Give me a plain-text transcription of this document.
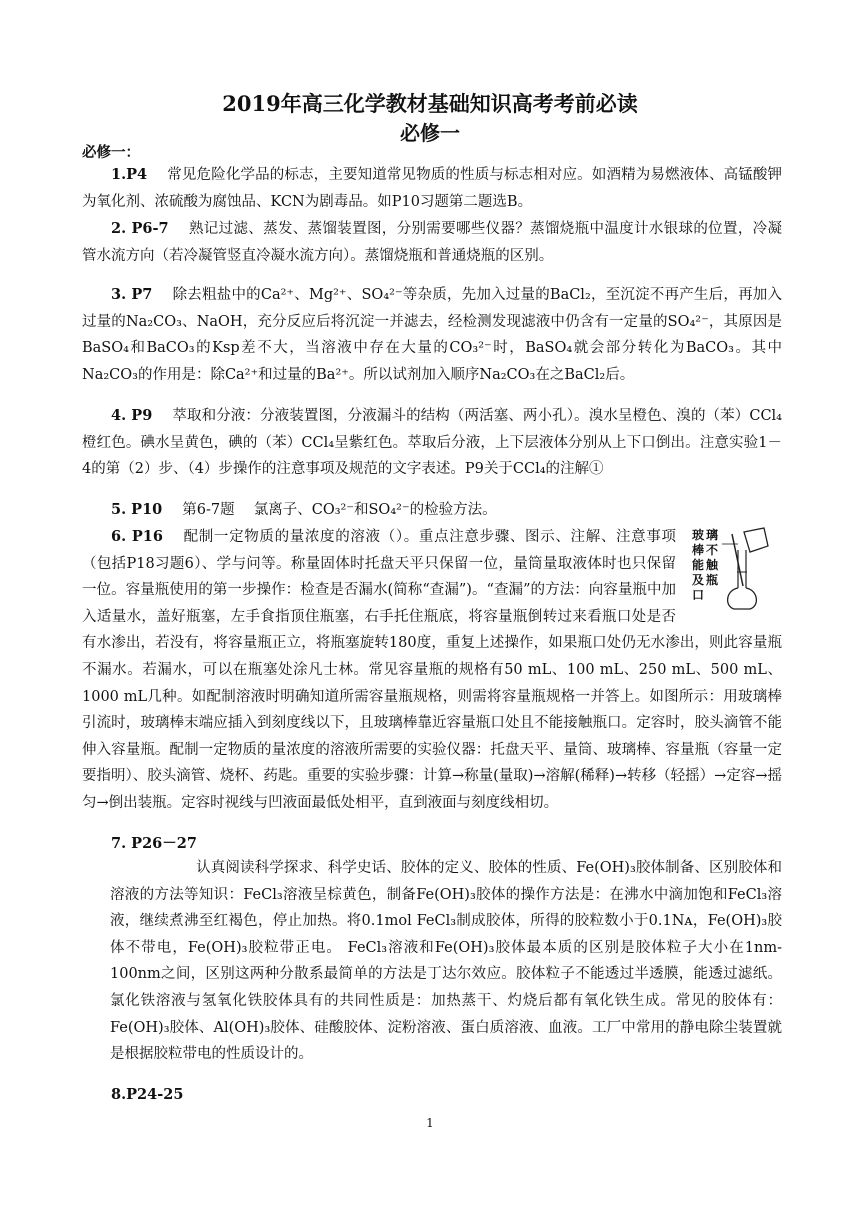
2019年高三化学教材基础知识高考考前必读
必修一
必修一：
1.P4 常见危险化学品的标志，主要知道常见物质的性质与标志相对应。如酒精为易燃液体、高锰酸钾为氧化剂、浓硫酸为腐蚀品、KCN为剧毒品。如P10习题第二题选B。
2. P6-7 熟记过滤、蒸发、蒸馏装置图，分别需要哪些仪器？蒸馏烧瓶中温度计水银球的位置，冷凝管水流方向（若冷凝管竖直冷凝水流方向）。蒸馏烧瓶和普通烧瓶的区别。
3. P7 除去粗盐中的Ca²⁺、Mg²⁺、SO₄²⁻等杂质，先加入过量的BaCl₂，至沉淀不再产生后，再加入过量的Na₂CO₃、NaOH，充分反应后将沉淀一并滤去，经检测发现滤液中仍含有一定量的SO₄²⁻，其原因是BaSO₄和BaCO₃的Ksp差不大，当溶液中存在大量的CO₃²⁻时，BaSO₄就会部分转化为BaCO₃。其中Na₂CO₃的作用是：除Ca²⁺和过量的Ba²⁺。所以试剂加入顺序Na₂CO₃在之BaCl₂后。
4. P9 萃取和分液：分液装置图，分液漏斗的结构（两活塞、两小孔）。溴水呈橙色、溴的（苯）CCl₄橙红色。碘水呈黄色，碘的（苯）CCl₄呈紫红色。萃取后分液，上下层液体分别从上下口倒出。注意实验1－4的第（2）步、（4）步操作的注意事项及规范的文字表述。P9关于CCl₄的注解①
5. P10 第6-7题　 氯离子、CO₃²⁻和SO₄²⁻的检验方法。
玻璃棒不能触及瓶口
6. P16 配制一定物质的量浓度的溶液（）。重点注意步骤、图示、注解、注意事项（包括P18习题6）、学与问等。称量固体时托盘天平只保留一位，量筒量取液体时也只保留一位。容量瓶使用的第一步操作：检查是否漏水(简称“查漏”)。“查漏”的方法：向容量瓶中加入适量水，盖好瓶塞，左手食指顶住瓶塞，右手托住瓶底，将容量瓶倒转过来看瓶口处是否有水渗出，若没有，将容量瓶正立，将瓶塞旋转180度，重复上述操作，如果瓶口处仍无水渗出，则此容量瓶不漏水。若漏水，可以在瓶塞处涂凡士林。常见容量瓶的规格有50 mL、100 mL、250 mL、500 mL、1000 mL几种。如配制溶液时明确知道所需容量瓶规格，则需将容量瓶规格一并答上。如图所示：用玻璃棒引流时，玻璃棒末端应插入到刻度线以下，且玻璃棒靠近容量瓶口处且不能接触瓶口。定容时，胶头滴管不能伸入容量瓶。配制一定物质的量浓度的溶液所需要的实验仪器：托盘天平、量筒、玻璃棒、容量瓶（容量一定要指明）、胶头滴管、烧杯、药匙。重要的实验步骤：计算→称量(量取)→溶解(稀释)→转移（轻摇）→定容→摇匀→倒出装瓶。定容时视线与凹液面最低处相平，直到液面与刻度线相切。
7. P26－27
认真阅读科学探求、科学史话、胶体的定义、胶体的性质、Fe(OH)₃胶体制备、区别胶体和溶液的方法等知识：FeCl₃溶液呈棕黄色，制备Fe(OH)₃胶体的操作方法是：在沸水中滴加饱和FeCl₃溶液，继续煮沸至红褐色，停止加热。将0.1mol FeCl₃制成胶体，所得的胶粒数小于0.1Nᴀ，Fe(OH)₃胶体不带电，Fe(OH)₃胶粒带正电。 FeCl₃溶液和Fe(OH)₃胶体最本质的区别是胶体粒子大小在1nm-100nm之间，区别这两种分散系最简单的方法是丁达尔效应。胶体粒子不能透过半透膜，能透过滤纸。氯化铁溶液与氢氧化铁胶体具有的共同性质是：加热蒸干、灼烧后都有氧化铁生成。常见的胶体有：Fe(OH)₃胶体、Al(OH)₃胶体、硅酸胶体、淀粉溶液、蛋白质溶液、血液。工厂中常用的静电除尘装置就是根据胶粒带电的性质设计的。
8.P24-25
1
